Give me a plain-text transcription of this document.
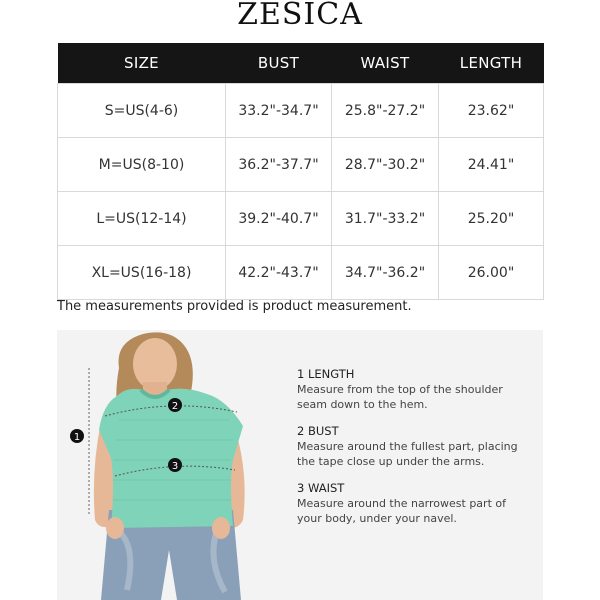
ZESICA
SIZE	BUST	WAIST	LENGTH
S=US(4-6)	33.2"-34.7"	25.8"-27.2"	23.62"
M=US(8-10)	36.2"-37.7"	28.7"-30.2"	24.41"
L=US(12-14)	39.2"-40.7"	31.7"-33.2"	25.20"
XL=US(16-18)	42.2"-43.7"	34.7"-36.2"	26.00"
The measurements provided is product measurement.
1
2
3
1 LENGTH
Measure from the top of the shoulder
seam down to the hem.
2 BUST
Measure around the fullest part, placing
the tape close up under the arms.
3 WAIST
Measure around the narrowest part of
your body, under your navel.
